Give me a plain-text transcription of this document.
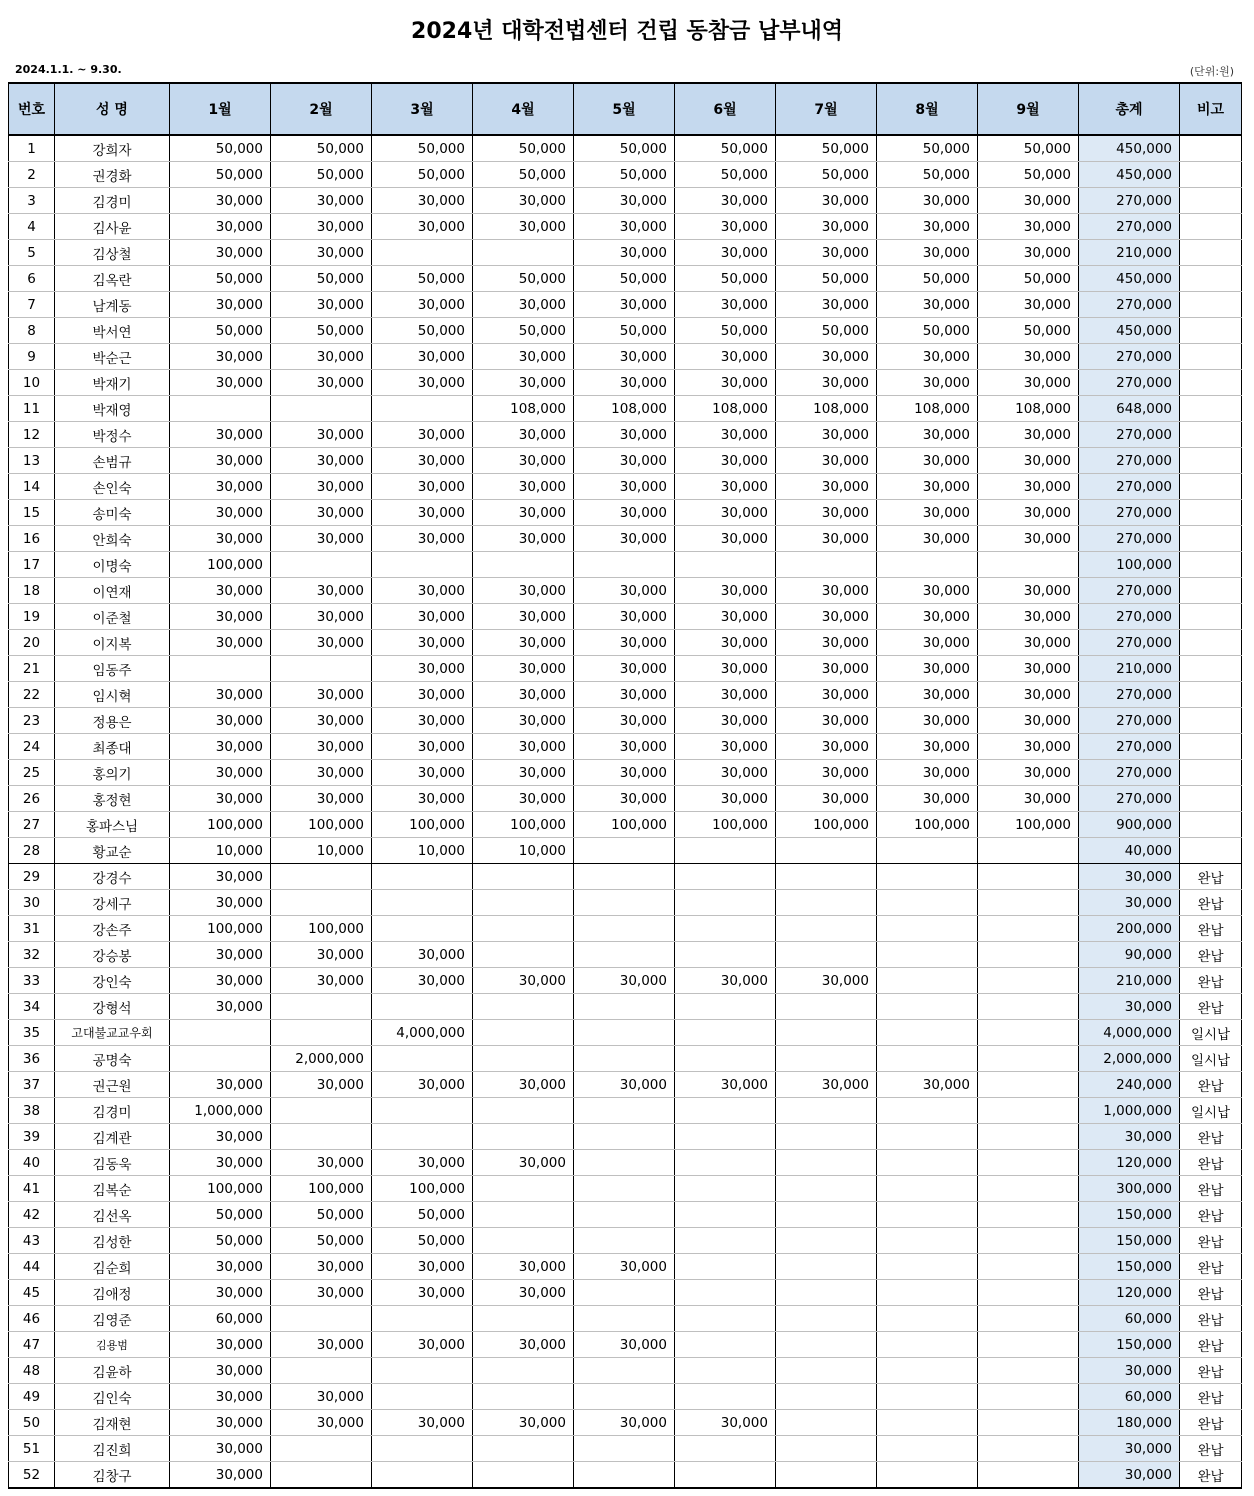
2024년 대학전법센터 건립 동참금 납부내역
2024.1.1. ~ 9.30.	(단위:원)
번호	성 명	1월	2월	3월	4월	5월	6월	7월	8월	9월	총계	비고
1	강희자	50,000	50,000	50,000	50,000	50,000	50,000	50,000	50,000	50,000	450,000	
2	권경화	50,000	50,000	50,000	50,000	50,000	50,000	50,000	50,000	50,000	450,000	
3	김경미	30,000	30,000	30,000	30,000	30,000	30,000	30,000	30,000	30,000	270,000	
4	김사윤	30,000	30,000	30,000	30,000	30,000	30,000	30,000	30,000	30,000	270,000	
5	김상철	30,000	30,000			30,000	30,000	30,000	30,000	30,000	210,000	
6	김옥란	50,000	50,000	50,000	50,000	50,000	50,000	50,000	50,000	50,000	450,000	
7	남계동	30,000	30,000	30,000	30,000	30,000	30,000	30,000	30,000	30,000	270,000	
8	박서연	50,000	50,000	50,000	50,000	50,000	50,000	50,000	50,000	50,000	450,000	
9	박순근	30,000	30,000	30,000	30,000	30,000	30,000	30,000	30,000	30,000	270,000	
10	박재기	30,000	30,000	30,000	30,000	30,000	30,000	30,000	30,000	30,000	270,000	
11	박재영				108,000	108,000	108,000	108,000	108,000	108,000	648,000	
12	박정수	30,000	30,000	30,000	30,000	30,000	30,000	30,000	30,000	30,000	270,000	
13	손범규	30,000	30,000	30,000	30,000	30,000	30,000	30,000	30,000	30,000	270,000	
14	손인숙	30,000	30,000	30,000	30,000	30,000	30,000	30,000	30,000	30,000	270,000	
15	송미숙	30,000	30,000	30,000	30,000	30,000	30,000	30,000	30,000	30,000	270,000	
16	안희숙	30,000	30,000	30,000	30,000	30,000	30,000	30,000	30,000	30,000	270,000	
17	이명숙	100,000									100,000	
18	이연재	30,000	30,000	30,000	30,000	30,000	30,000	30,000	30,000	30,000	270,000	
19	이준철	30,000	30,000	30,000	30,000	30,000	30,000	30,000	30,000	30,000	270,000	
20	이지복	30,000	30,000	30,000	30,000	30,000	30,000	30,000	30,000	30,000	270,000	
21	임동주			30,000	30,000	30,000	30,000	30,000	30,000	30,000	210,000	
22	임시혁	30,000	30,000	30,000	30,000	30,000	30,000	30,000	30,000	30,000	270,000	
23	정용은	30,000	30,000	30,000	30,000	30,000	30,000	30,000	30,000	30,000	270,000	
24	최종대	30,000	30,000	30,000	30,000	30,000	30,000	30,000	30,000	30,000	270,000	
25	홍의기	30,000	30,000	30,000	30,000	30,000	30,000	30,000	30,000	30,000	270,000	
26	홍정현	30,000	30,000	30,000	30,000	30,000	30,000	30,000	30,000	30,000	270,000	
27	홍파스님	100,000	100,000	100,000	100,000	100,000	100,000	100,000	100,000	100,000	900,000	
28	황교순	10,000	10,000	10,000	10,000						40,000	
29	강경수	30,000									30,000	완납
30	강세구	30,000									30,000	완납
31	강손주	100,000	100,000								200,000	완납
32	강승봉	30,000	30,000	30,000							90,000	완납
33	강인숙	30,000	30,000	30,000	30,000	30,000	30,000	30,000			210,000	완납
34	강형석	30,000									30,000	완납
35	고대불교교우회			4,000,000							4,000,000	일시납
36	공명숙		2,000,000								2,000,000	일시납
37	권근원	30,000	30,000	30,000	30,000	30,000	30,000	30,000	30,000		240,000	완납
38	김경미	1,000,000									1,000,000	일시납
39	김계관	30,000									30,000	완납
40	김동욱	30,000	30,000	30,000	30,000						120,000	완납
41	김복순	100,000	100,000	100,000							300,000	완납
42	김선옥	50,000	50,000	50,000							150,000	완납
43	김성한	50,000	50,000	50,000							150,000	완납
44	김순희	30,000	30,000	30,000	30,000	30,000					150,000	완납
45	김애정	30,000	30,000	30,000	30,000						120,000	완납
46	김영준	60,000									60,000	완납
47	김용범	30,000	30,000	30,000	30,000	30,000					150,000	완납
48	김윤하	30,000									30,000	완납
49	김인숙	30,000	30,000								60,000	완납
50	김재현	30,000	30,000	30,000	30,000	30,000	30,000				180,000	완납
51	김진희	30,000									30,000	완납
52	김창구	30,000									30,000	완납
